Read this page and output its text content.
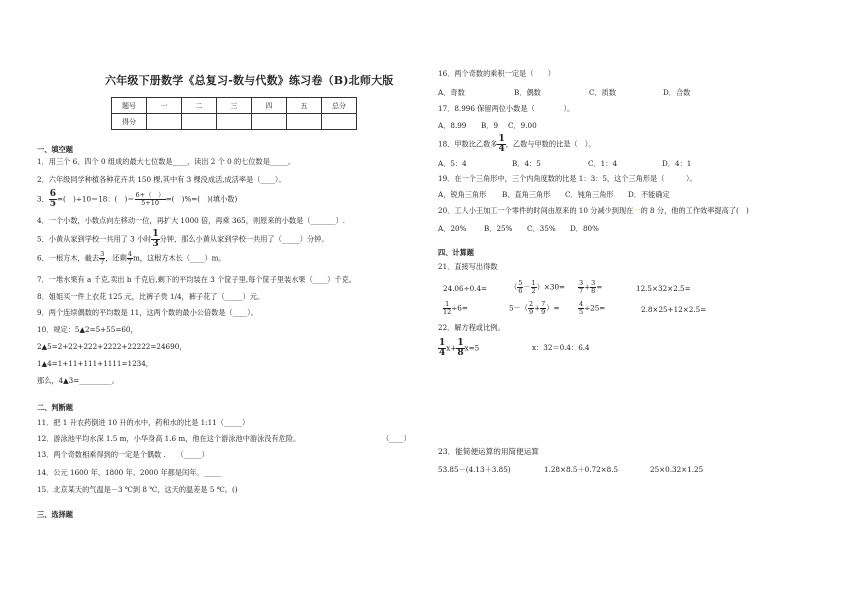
六年级下册数学《总复习-数与代数》练习卷（B)北师大版
题号	一	二	三	四	五	总分
得分						
一、填空题
1．用三个 6、四个 0 组成的最大七位数是____，读出 2 个 0 的七位数是_____。
2．六年级同学种植各种花卉共 150 棵,其中有 3 棵没成活,成活率是（____）。
3． $\frac{6}{5}$ =(　)÷10＝18：(　)＝ $\frac{6+( )}{5+10}$ =(　)%=(　)(填小数)
4．一个小数，小数点向左移动一位，再扩大 1000 倍，再乘 365，则原来的小数是（_______）.
5．小黄从家到学校一共用了 3 小时 $\frac{1}{3}$ 分钟，那么小黄从家到学校一共用了（_____）分钟。
6．一根方木，截去 $\frac{3}{7}$ ，还剩 $\frac{4}{7}$ m，这根方木长（____）m。
7．一堆水果有 a 千克,卖出 b 千克后,剩下的平均装在 3 个筐子里,每个筐子里装水果（____）千克。
8．姐姐买一件上衣花 125 元，比裤子贵 1/4，裤子花了（_____）元。
9．两个连续偶数的平均数是 11，这两个数的最小公倍数是（____）。
10．规定：5▲2=5+55=60，
2▲5=2+22+222+2222+22222=24690，
1▲4=1+11+111+1111=1234，
那么，4▲3=_________。
二、判断题
11．把 1 升农药倒进 10 升的水中，药和水的比是 1:11（_____）
12．游泳池平均水深 1.5 m，小华身高 1.6 m，他在这个游泳池中游泳没有危险。	（____）
13．两个奇数相乘得到的一定是个偶数 .　　（_____）
14．公元 1600 年、1800 年、2000 年都是闰年。_____
15．北京某天的气温是－3 ℃到 8 ℃，这天的温差是 5 ℃。()
三、选择题
16．两个奇数的乘积一定是（　　）
A．奇数	B．偶数	C．质数	D．合数
17．8.996 保留两位小数是（　　　　）。
A．8.99 B．9 C．9.00
18．甲数比乙数多 $\frac{1}{4}$ ，乙数与甲数的比是（　）。
A．5：4	B．4：5	C．1：4	D．4：1
19．在一个三角形中，三个内角度数的比是 1：3：5，这个三角形是（　　　）。
A．锐角三角形 B．直角三角形 C．钝角三角形 D．不能确定
20．工人小王加工一个零件的时间由原来的 10 分减少到现在一的 8 分，他的工作效率提高了(　)
A．20% B．25% C．35% D．80%
四、计算题
21．直接写出得数
24.06÷0.4=	（ $\frac{5}{6} - \frac{1}{2} )\times 30= \frac{3}{7} + \frac{3}{8}$ =	12.5×32×2.5=
$\frac{1}{12} \div 6=$	$5-( \frac{2}{9} + \frac{7}{9}$ ）=	$\frac{4}{5} \div 25=$	2.8×25+12×2.5=
22．解方程或比例。
$\frac{1}{4} x+ \frac{1}{8} x=5$	x：32＝0.4：6.4
23．能简便运算的用简便运算
53.85－(4.13＋3.85)	1.28×8.5＋0.72×8.5	25×0.32×1.25
